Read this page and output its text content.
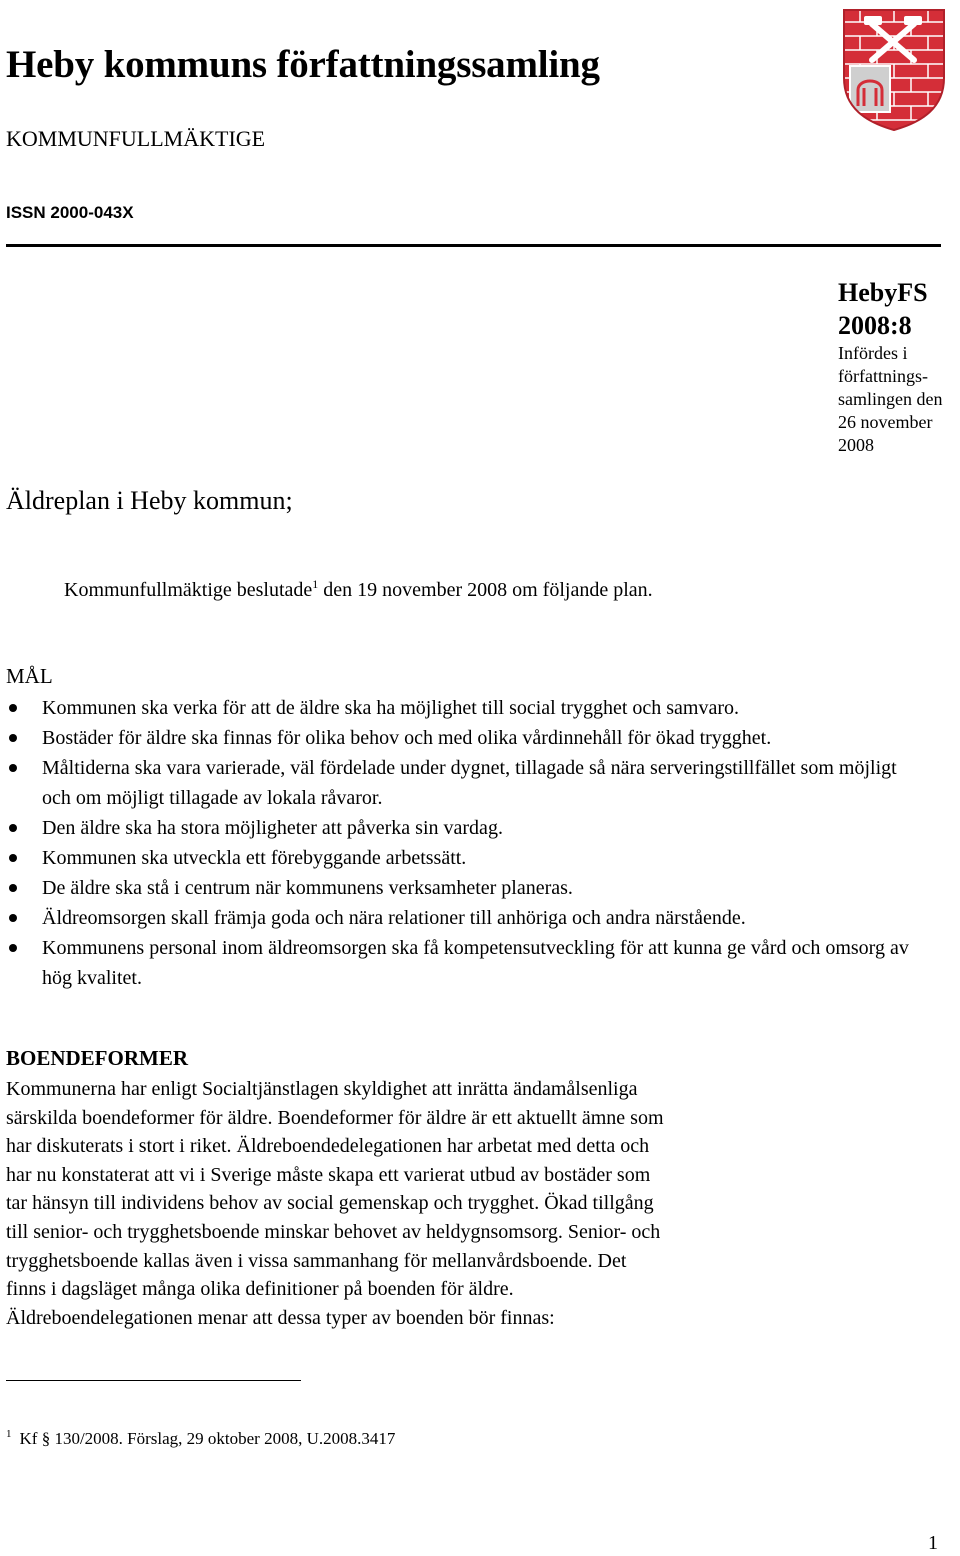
Heby kommuns författningssamling
KOMMUNFULLMÄKTIGE
ISSN 2000-043X
HebyFS
2008:8
Infördes i
författnings-
samlingen den
26 november
2008
Äldreplan i Heby kommun;
Kommunfullmäktige beslutade$^1$ den 19 november 2008 om följande plan.
MÅL
Kommunen ska verka för att de äldre ska ha möjlighet till social trygghet och samvaro.
Bostäder för äldre ska finnas för olika behov och med olika vårdinnehåll för ökad trygghet.
Måltiderna ska vara varierade, väl fördelade under dygnet, tillagade så nära serveringstillfället som möjligt och om möjligt tillagade av lokala råvaror.
Den äldre ska ha stora möjligheter att påverka sin vardag.
Kommunen ska utveckla ett förebyggande arbetssätt.
De äldre ska stå i centrum när kommunens verksamheter planeras.
Äldreomsorgen skall främja goda och nära relationer till anhöriga och andra närstående.
Kommunens personal inom äldreomsorgen ska få kompetensutveckling för att kunna ge vård och omsorg av hög kvalitet.
BOENDEFORMER
Kommunerna har enligt Socialtjänstlagen skyldighet att inrätta ändamålsenliga
särskilda boendeformer för äldre. Boendeformer för äldre är ett aktuellt ämne som
har diskuterats i stort i riket. Äldreboendedelegationen har arbetat med detta och
har nu konstaterat att vi i Sverige måste skapa ett varierat utbud av bostäder som
tar hänsyn till individens behov av social gemenskap och trygghet. Ökad tillgång
till senior- och trygghetsboende minskar behovet av heldygnsomsorg. Senior- och
trygghetsboende kallas även i vissa sammanhang för mellanvårdsboende. Det
finns i dagsläget många olika definitioner på boenden för äldre.
Äldreboendelegationen menar att dessa typer av boenden bör finnas:
$^1$ Kf § 130/2008. Förslag, 29 oktober 2008, U.2008.3417
1
